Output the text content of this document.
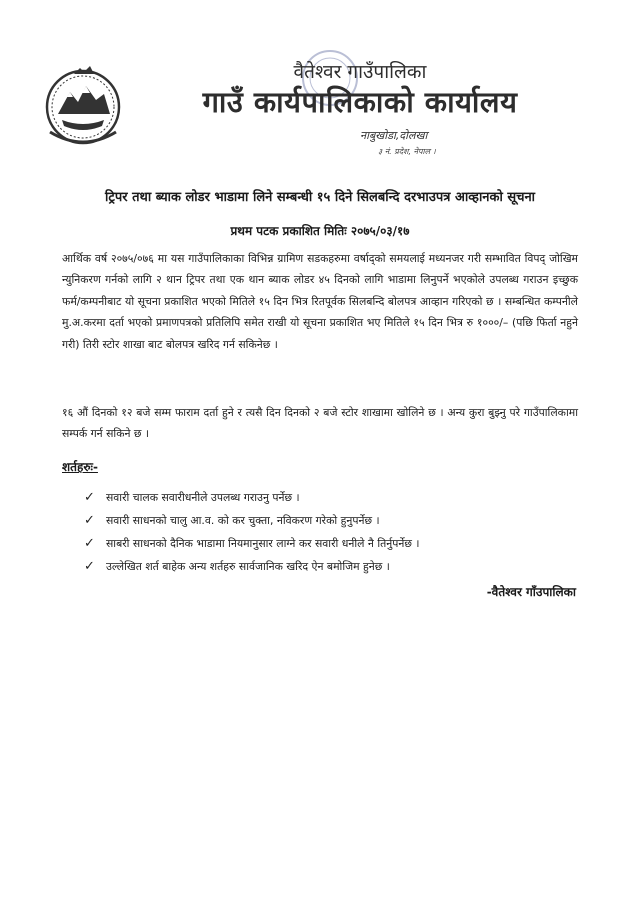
वैतेश्वर गाउँपालिका
गाउँ कार्यपालिकाको कार्यालय
नाबुखोडा,दोलखा
३ नं. प्रदेश, नेपाल ।
ट्रिपर तथा ब्याक लोडर भाडामा लिने सम्बन्धी १५ दिने सिलबन्दि दरभाउपत्र आव्हानको सूचना
प्रथम पटक प्रकाशित मितिः २०७५/०३/१७

आर्थिक वर्ष २०७५/०७६ मा यस गाउँपालिकाका विभिन्न ग्रामिण सडकहरुमा वर्षाद्को समयलाई मध्यनजर गरी सम्भावित विपद् जोखिम न्युनिकरण गर्नको लागि २ थान ट्रिपर तथा एक थान ब्याक लोडर ४५ दिनको लागि भाडामा लिनुपर्ने भएकोले उपलब्ध गराउन इच्छुक फर्म/कम्पनीबाट यो सूचना प्रकाशित भएको मितिले १५ दिन भित्र रितपूर्वक सिलबन्दि बोलपत्र आव्हान गरिएको छ । सम्बन्धित कम्पनीले मु.अ.करमा दर्ता भएको प्रमाणपत्रको प्रतिलिपि समेत राखी यो सूचना प्रकाशित भए मितिले १५ दिन भित्र रु १०००/– (पछि फिर्ता नहुने गरी) तिरी स्टोर शाखा बाट बोलपत्र खरिद गर्न सकिनेछ ।

१६ औं दिनको १२ बजे सम्म फाराम दर्ता हुने र त्यसै दिन दिनको २ बजे स्टोर शाखामा खोलिने छ । अन्य कुरा बुझ्नु परे गाउँपालिकामा सम्पर्क गर्न सकिने छ ।

शर्तहरुः-
✓	सवारी चालक सवारीधनीले उपलब्ध गराउनु पर्नेछ ।
✓	सवारी साधनको चालु आ.व. को कर चुक्ता, नविकरण गरेको हुनुपर्नेछ ।
✓	साबरी साधनको दैनिक भाडामा नियमानुसार लाग्ने कर सवारी धनीले नै तिर्नुपर्नेछ ।
✓	उल्लेखित शर्त बाहेक अन्य शर्तहरु सार्वजानिक खरिद ऐन बमोजिम हुनेछ ।
-वैतेश्वर गाँउपालिका
